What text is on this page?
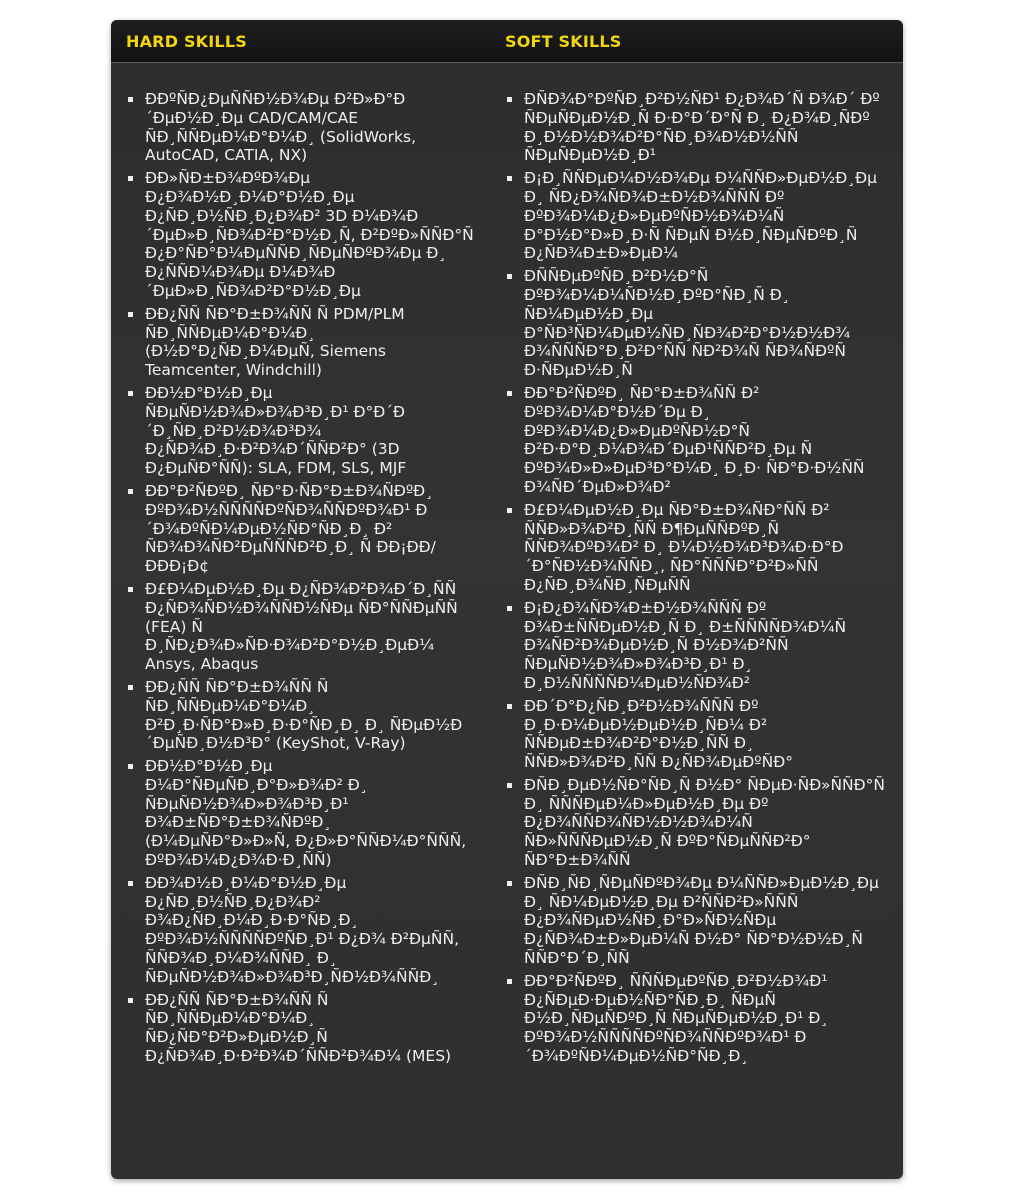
HARD SKILLS	SOFT SKILLS
ÐÐºÑÐ¿ÐµÑÑÐ½Ð¾Ðµ Ð²Ð»Ð°Ð´ÐµÐ½Ð¸Ðµ CAD/CAM/CAE ÑÐ¸ÑÑÐµÐ¼Ð°Ð¼Ð¸ (SolidWorks, AutoCAD, CATIA, NX)
ÐÐ»ÑÐ±Ð¾ÐºÐ¾Ðµ Ð¿Ð¾Ð½Ð¸Ð¼Ð°Ð½Ð¸Ðµ Ð¿ÑÐ¸Ð½ÑÐ¸Ð¿Ð¾Ð² 3D Ð¼Ð¾Ð´ÐµÐ»Ð¸ÑÐ¾Ð²Ð°Ð½Ð¸Ñ, Ð²ÐºÐ»ÑÑÐ°Ñ Ð¿Ð°ÑÐ°Ð¼ÐµÑÑÐ¸ÑÐµÑÐºÐ¾Ðµ Ð¸ Ð¿ÑÑÐ¼Ð¾Ðµ Ð¼Ð¾Ð´ÐµÐ»Ð¸ÑÐ¾Ð²Ð°Ð½Ð¸Ðµ
ÐÐ¿ÑÑ ÑÐ°Ð±Ð¾ÑÑ Ñ PDM/PLM ÑÐ¸ÑÑÐµÐ¼Ð°Ð¼Ð¸ (Ð½Ð°Ð¿ÑÐ¸Ð¼ÐµÑ, Siemens Teamcenter, Windchill)
ÐÐ½Ð°Ð½Ð¸Ðµ ÑÐµÑÐ½Ð¾Ð»Ð¾Ð³Ð¸Ð¹ Ð°Ð´Ð´Ð¸ÑÐ¸Ð²Ð½Ð¾Ð³Ð¾ Ð¿ÑÐ¾Ð¸Ð·Ð²Ð¾Ð´ÑÑÐ²Ð° (3D Ð¿ÐµÑÐ°ÑÑ): SLA, FDM, SLS, MJF
ÐÐ°Ð²ÑÐºÐ¸ ÑÐ°Ð·ÑÐ°Ð±Ð¾ÑÐºÐ¸ ÐºÐ¾Ð½ÑÑÑÑÐºÑÐ¾ÑÑÐºÐ¾Ð¹ Ð´Ð¾ÐºÑÐ¼ÐµÐ½ÑÐ°ÑÐ¸Ð¸ Ð² ÑÐ¾Ð¾ÑÐ²ÐµÑÑÑÐ²Ð¸Ð¸ Ñ ÐÐ¡ÐÐ/ÐÐÐ¡Ð¢
Ð£Ð¼ÐµÐ½Ð¸Ðµ Ð¿ÑÐ¾Ð²Ð¾Ð´Ð¸ÑÑ Ð¿ÑÐ¾ÑÐ½Ð¾ÑÑÐ½ÑÐµ ÑÐ°ÑÑÐµÑÑ (FEA) Ñ Ð¸ÑÐ¿Ð¾Ð»ÑÐ·Ð¾Ð²Ð°Ð½Ð¸ÐµÐ¼ Ansys, Abaqus
ÐÐ¿ÑÑ ÑÐ°Ð±Ð¾ÑÑ Ñ ÑÐ¸ÑÑÐµÐ¼Ð°Ð¼Ð¸ Ð²Ð¸Ð·ÑÐ°Ð»Ð¸Ð·Ð°ÑÐ¸Ð¸ Ð¸ ÑÐµÐ½Ð´ÐµÑÐ¸Ð½Ð³Ð° (KeyShot, V-Ray)
ÐÐ½Ð°Ð½Ð¸Ðµ Ð¼Ð°ÑÐµÑÐ¸Ð°Ð»Ð¾Ð² Ð¸ ÑÐµÑÐ½Ð¾Ð»Ð¾Ð³Ð¸Ð¹ Ð¾Ð±ÑÐ°Ð±Ð¾ÑÐºÐ¸ (Ð¼ÐµÑÐ°Ð»Ð»Ñ, Ð¿Ð»Ð°ÑÑÐ¼Ð°ÑÑÑ, ÐºÐ¾Ð¼Ð¿Ð¾Ð·Ð¸ÑÑ)
ÐÐ¾Ð½Ð¸Ð¼Ð°Ð½Ð¸Ðµ Ð¿ÑÐ¸Ð½ÑÐ¸Ð¿Ð¾Ð² Ð¾Ð¿ÑÐ¸Ð¼Ð¸Ð·Ð°ÑÐ¸Ð¸ ÐºÐ¾Ð½ÑÑÑÑÐºÑÐ¸Ð¹ Ð¿Ð¾ Ð²ÐµÑÑ, ÑÑÐ¾Ð¸Ð¼Ð¾ÑÑÐ¸ Ð¸ ÑÐµÑÐ½Ð¾Ð»Ð¾Ð³Ð¸ÑÐ½Ð¾ÑÑÐ¸
ÐÐ¿ÑÑ ÑÐ°Ð±Ð¾ÑÑ Ñ ÑÐ¸ÑÑÐµÐ¼Ð°Ð¼Ð¸ ÑÐ¿ÑÐ°Ð²Ð»ÐµÐ½Ð¸Ñ Ð¿ÑÐ¾Ð¸Ð·Ð²Ð¾Ð´ÑÑÐ²Ð¾Ð¼ (MES)
ÐÑÐ¾Ð°ÐºÑÐ¸Ð²Ð½ÑÐ¹ Ð¿Ð¾Ð´Ñ Ð¾Ð´ Ðº ÑÐµÑÐµÐ½Ð¸Ñ Ð·Ð°Ð´Ð°Ñ Ð¸ Ð¿Ð¾Ð¸ÑÐº Ð¸Ð½Ð½Ð¾Ð²Ð°ÑÐ¸Ð¾Ð½Ð½ÑÑ ÑÐµÑÐµÐ½Ð¸Ð¹
Ð¡Ð¸ÑÑÐµÐ¼Ð½Ð¾Ðµ Ð¼ÑÑÐ»ÐµÐ½Ð¸Ðµ Ð¸ ÑÐ¿Ð¾ÑÐ¾Ð±Ð½Ð¾ÑÑÑ Ðº ÐºÐ¾Ð¼Ð¿Ð»ÐµÐºÑÐ½Ð¾Ð¼Ñ Ð°Ð½Ð°Ð»Ð¸Ð·Ñ ÑÐµÑ Ð½Ð¸ÑÐµÑÐºÐ¸Ñ Ð¿ÑÐ¾Ð±Ð»ÐµÐ¼
ÐÑÑÐµÐºÑÐ¸Ð²Ð½Ð°Ñ ÐºÐ¾Ð¼Ð¼ÑÐ½Ð¸ÐºÐ°ÑÐ¸Ñ Ð¸ ÑÐ¼ÐµÐ½Ð¸Ðµ Ð°ÑÐ³ÑÐ¼ÐµÐ½ÑÐ¸ÑÐ¾Ð²Ð°Ð½Ð½Ð¾ Ð¾ÑÑÑÐ°Ð¸Ð²Ð°ÑÑ ÑÐ²Ð¾Ñ ÑÐ¾ÑÐºÑ Ð·ÑÐµÐ½Ð¸Ñ
ÐÐ°Ð²ÑÐºÐ¸ ÑÐ°Ð±Ð¾ÑÑ Ð² ÐºÐ¾Ð¼Ð°Ð½Ð´Ðµ Ð¸ ÐºÐ¾Ð¼Ð¿Ð»ÐµÐºÑÐ½Ð°Ñ Ð²Ð·Ð°Ð¸Ð¼Ð¾Ð´ÐµÐ¹ÑÑÐ²Ð¸Ðµ Ñ ÐºÐ¾Ð»Ð»ÐµÐ³Ð°Ð¼Ð¸ Ð¸Ð· ÑÐ°Ð·Ð½ÑÑ Ð¾ÑÐ´ÐµÐ»Ð¾Ð²
Ð£Ð¼ÐµÐ½Ð¸Ðµ ÑÐ°Ð±Ð¾ÑÐ°ÑÑ Ð² ÑÑÐ»Ð¾Ð²Ð¸ÑÑ Ð¶ÐµÑÑÐºÐ¸Ñ ÑÑÐ¾ÐºÐ¾Ð² Ð¸ Ð¼Ð½Ð¾Ð³Ð¾Ð·Ð°Ð´Ð°ÑÐ½Ð¾ÑÑÐ¸, ÑÐ°ÑÑÑÐ°Ð²Ð»ÑÑ Ð¿ÑÐ¸Ð¾ÑÐ¸ÑÐµÑÑ
Ð¡Ð¿Ð¾ÑÐ¾Ð±Ð½Ð¾ÑÑÑ Ðº Ð¾Ð±ÑÑÐµÐ½Ð¸Ñ Ð¸ Ð±ÑÑÑÑÐ¾Ð¼Ñ Ð¾ÑÐ²Ð¾ÐµÐ½Ð¸Ñ Ð½Ð¾Ð²ÑÑ ÑÐµÑÐ½Ð¾Ð»Ð¾Ð³Ð¸Ð¹ Ð¸ Ð¸Ð½ÑÑÑÑÐ¼ÐµÐ½ÑÐ¾Ð²
ÐÐ´Ð°Ð¿ÑÐ¸Ð²Ð½Ð¾ÑÑÑ Ðº Ð¸Ð·Ð¼ÐµÐ½ÐµÐ½Ð¸ÑÐ¼ Ð² ÑÑÐµÐ±Ð¾Ð²Ð°Ð½Ð¸ÑÑ Ð¸ ÑÑÐ»Ð¾Ð²Ð¸ÑÑ Ð¿ÑÐ¾ÐµÐºÑÐ°
ÐÑÐ¸ÐµÐ½ÑÐ°ÑÐ¸Ñ Ð½Ð° ÑÐµÐ·ÑÐ»ÑÑÐ°Ñ Ð¸ ÑÑÑÐµÐ¼Ð»ÐµÐ½Ð¸Ðµ Ðº Ð¿Ð¾ÑÑÐ¾ÑÐ½Ð½Ð¾Ð¼Ñ ÑÐ»ÑÑÑÐµÐ½Ð¸Ñ ÐºÐ°ÑÐµÑÑÐ²Ð° ÑÐ°Ð±Ð¾ÑÑ
ÐÑÐ¸ÑÐ¸ÑÐµÑÐºÐ¾Ðµ Ð¼ÑÑÐ»ÐµÐ½Ð¸Ðµ Ð¸ ÑÐ¼ÐµÐ½Ð¸Ðµ Ð²ÑÑÐ²Ð»ÑÑÑ Ð¿Ð¾ÑÐµÐ½ÑÐ¸Ð°Ð»ÑÐ½ÑÐµ Ð¿ÑÐ¾Ð±Ð»ÐµÐ¼Ñ Ð½Ð° ÑÐ°Ð½Ð½Ð¸Ñ ÑÑÐ°Ð´Ð¸ÑÑ
ÐÐ°Ð²ÑÐºÐ¸ ÑÑÑÐµÐºÑÐ¸Ð²Ð½Ð¾Ð¹ Ð¿ÑÐµÐ·ÐµÐ½ÑÐ°ÑÐ¸Ð¸ ÑÐµÑ Ð½Ð¸ÑÐµÑÐºÐ¸Ñ ÑÐµÑÐµÐ½Ð¸Ð¹ Ð¸ ÐºÐ¾Ð½ÑÑÑÑÐºÑÐ¾ÑÑÐºÐ¾Ð¹ Ð´Ð¾ÐºÑÐ¼ÐµÐ½ÑÐ°ÑÐ¸Ð¸
